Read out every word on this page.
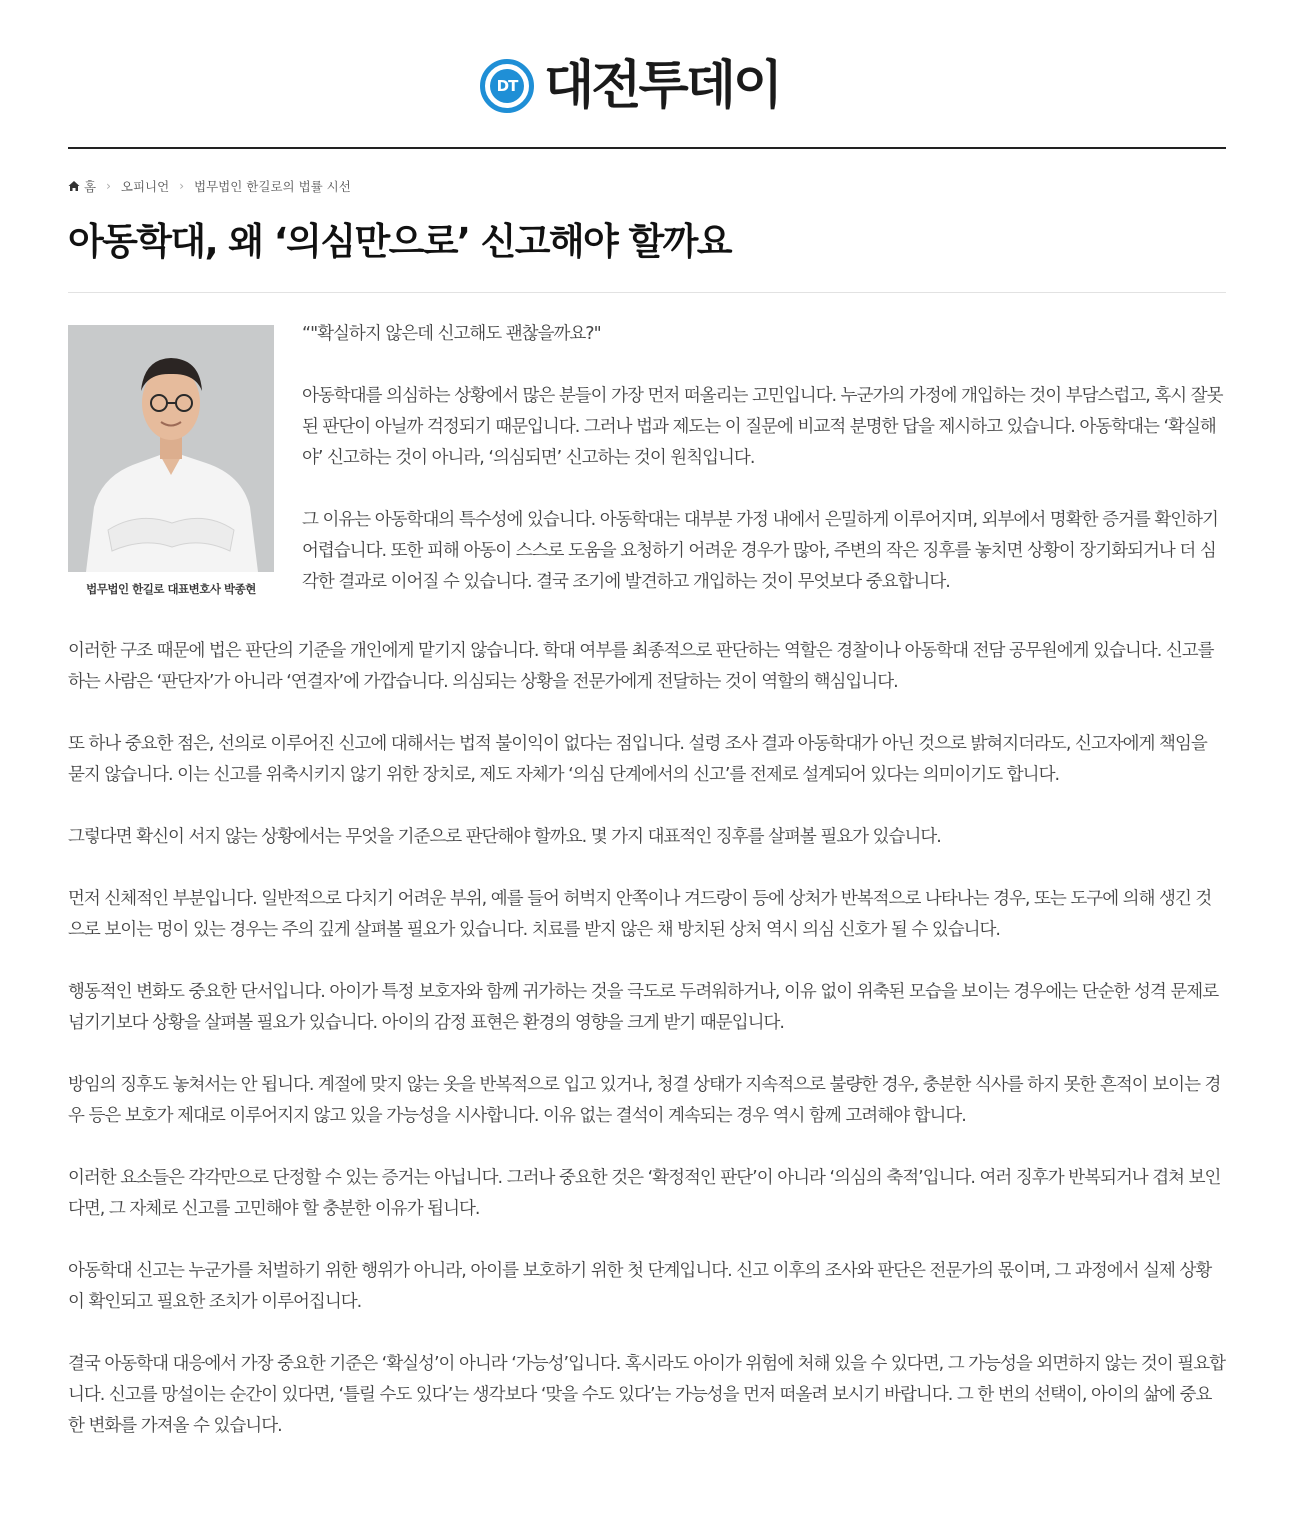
DT 대전투데이
홈 › 오피니언 › 법무법인 한길로의 법률 시선
아동학대, 왜 ‘의심만으로’ 신고해야 할까요
법무법인 한길로 대표변호사 박종현

“"확실하지 않은데 신고해도 괜찮을까요?"

아동학대를 의심하는 상황에서 많은 분들이 가장 먼저 떠올리는 고민입니다. 누군가의 가정에 개입하는 것이 부담스럽고, 혹시 잘못된 판단이 아닐까 걱정되기 때문입니다. 그러나 법과 제도는 이 질문에 비교적 분명한 답을 제시하고 있습니다. 아동학대는 ‘확실해야’ 신고하는 것이 아니라, ‘의심되면’ 신고하는 것이 원칙입니다.

그 이유는 아동학대의 특수성에 있습니다. 아동학대는 대부분 가정 내에서 은밀하게 이루어지며, 외부에서 명확한 증거를 확인하기 어렵습니다. 또한 피해 아동이 스스로 도움을 요청하기 어려운 경우가 많아, 주변의 작은 징후를 놓치면 상황이 장기화되거나 더 심각한 결과로 이어질 수 있습니다. 결국 조기에 발견하고 개입하는 것이 무엇보다 중요합니다.

이러한 구조 때문에 법은 판단의 기준을 개인에게 맡기지 않습니다. 학대 여부를 최종적으로 판단하는 역할은 경찰이나 아동학대 전담 공무원에게 있습니다. 신고를 하는 사람은 ‘판단자’가 아니라 ‘연결자’에 가깝습니다. 의심되는 상황을 전문가에게 전달하는 것이 역할의 핵심입니다.

또 하나 중요한 점은, 선의로 이루어진 신고에 대해서는 법적 불이익이 없다는 점입니다. 설령 조사 결과 아동학대가 아닌 것으로 밝혀지더라도, 신고자에게 책임을 묻지 않습니다. 이는 신고를 위축시키지 않기 위한 장치로, 제도 자체가 ‘의심 단계에서의 신고’를 전제로 설계되어 있다는 의미이기도 합니다.

그렇다면 확신이 서지 않는 상황에서는 무엇을 기준으로 판단해야 할까요. 몇 가지 대표적인 징후를 살펴볼 필요가 있습니다.

먼저 신체적인 부분입니다. 일반적으로 다치기 어려운 부위, 예를 들어 허벅지 안쪽이나 겨드랑이 등에 상처가 반복적으로 나타나는 경우, 또는 도구에 의해 생긴 것으로 보이는 멍이 있는 경우는 주의 깊게 살펴볼 필요가 있습니다. 치료를 받지 않은 채 방치된 상처 역시 의심 신호가 될 수 있습니다.

행동적인 변화도 중요한 단서입니다. 아이가 특정 보호자와 함께 귀가하는 것을 극도로 두려워하거나, 이유 없이 위축된 모습을 보이는 경우에는 단순한 성격 문제로 넘기기보다 상황을 살펴볼 필요가 있습니다. 아이의 감정 표현은 환경의 영향을 크게 받기 때문입니다.

방임의 징후도 놓쳐서는 안 됩니다. 계절에 맞지 않는 옷을 반복적으로 입고 있거나, 청결 상태가 지속적으로 불량한 경우, 충분한 식사를 하지 못한 흔적이 보이는 경우 등은 보호가 제대로 이루어지지 않고 있을 가능성을 시사합니다. 이유 없는 결석이 계속되는 경우 역시 함께 고려해야 합니다.

이러한 요소들은 각각만으로 단정할 수 있는 증거는 아닙니다. 그러나 중요한 것은 ‘확정적인 판단’이 아니라 ‘의심의 축적’입니다. 여러 징후가 반복되거나 겹쳐 보인다면, 그 자체로 신고를 고민해야 할 충분한 이유가 됩니다.

아동학대 신고는 누군가를 처벌하기 위한 행위가 아니라, 아이를 보호하기 위한 첫 단계입니다. 신고 이후의 조사와 판단은 전문가의 몫이며, 그 과정에서 실제 상황이 확인되고 필요한 조치가 이루어집니다.

결국 아동학대 대응에서 가장 중요한 기준은 ‘확실성’이 아니라 ‘가능성’입니다. 혹시라도 아이가 위험에 처해 있을 수 있다면, 그 가능성을 외면하지 않는 것이 필요합니다. 신고를 망설이는 순간이 있다면, ‘틀릴 수도 있다’는 생각보다 ‘맞을 수도 있다’는 가능성을 먼저 떠올려 보시기 바랍니다. 그 한 번의 선택이, 아이의 삶에 중요한 변화를 가져올 수 있습니다.
